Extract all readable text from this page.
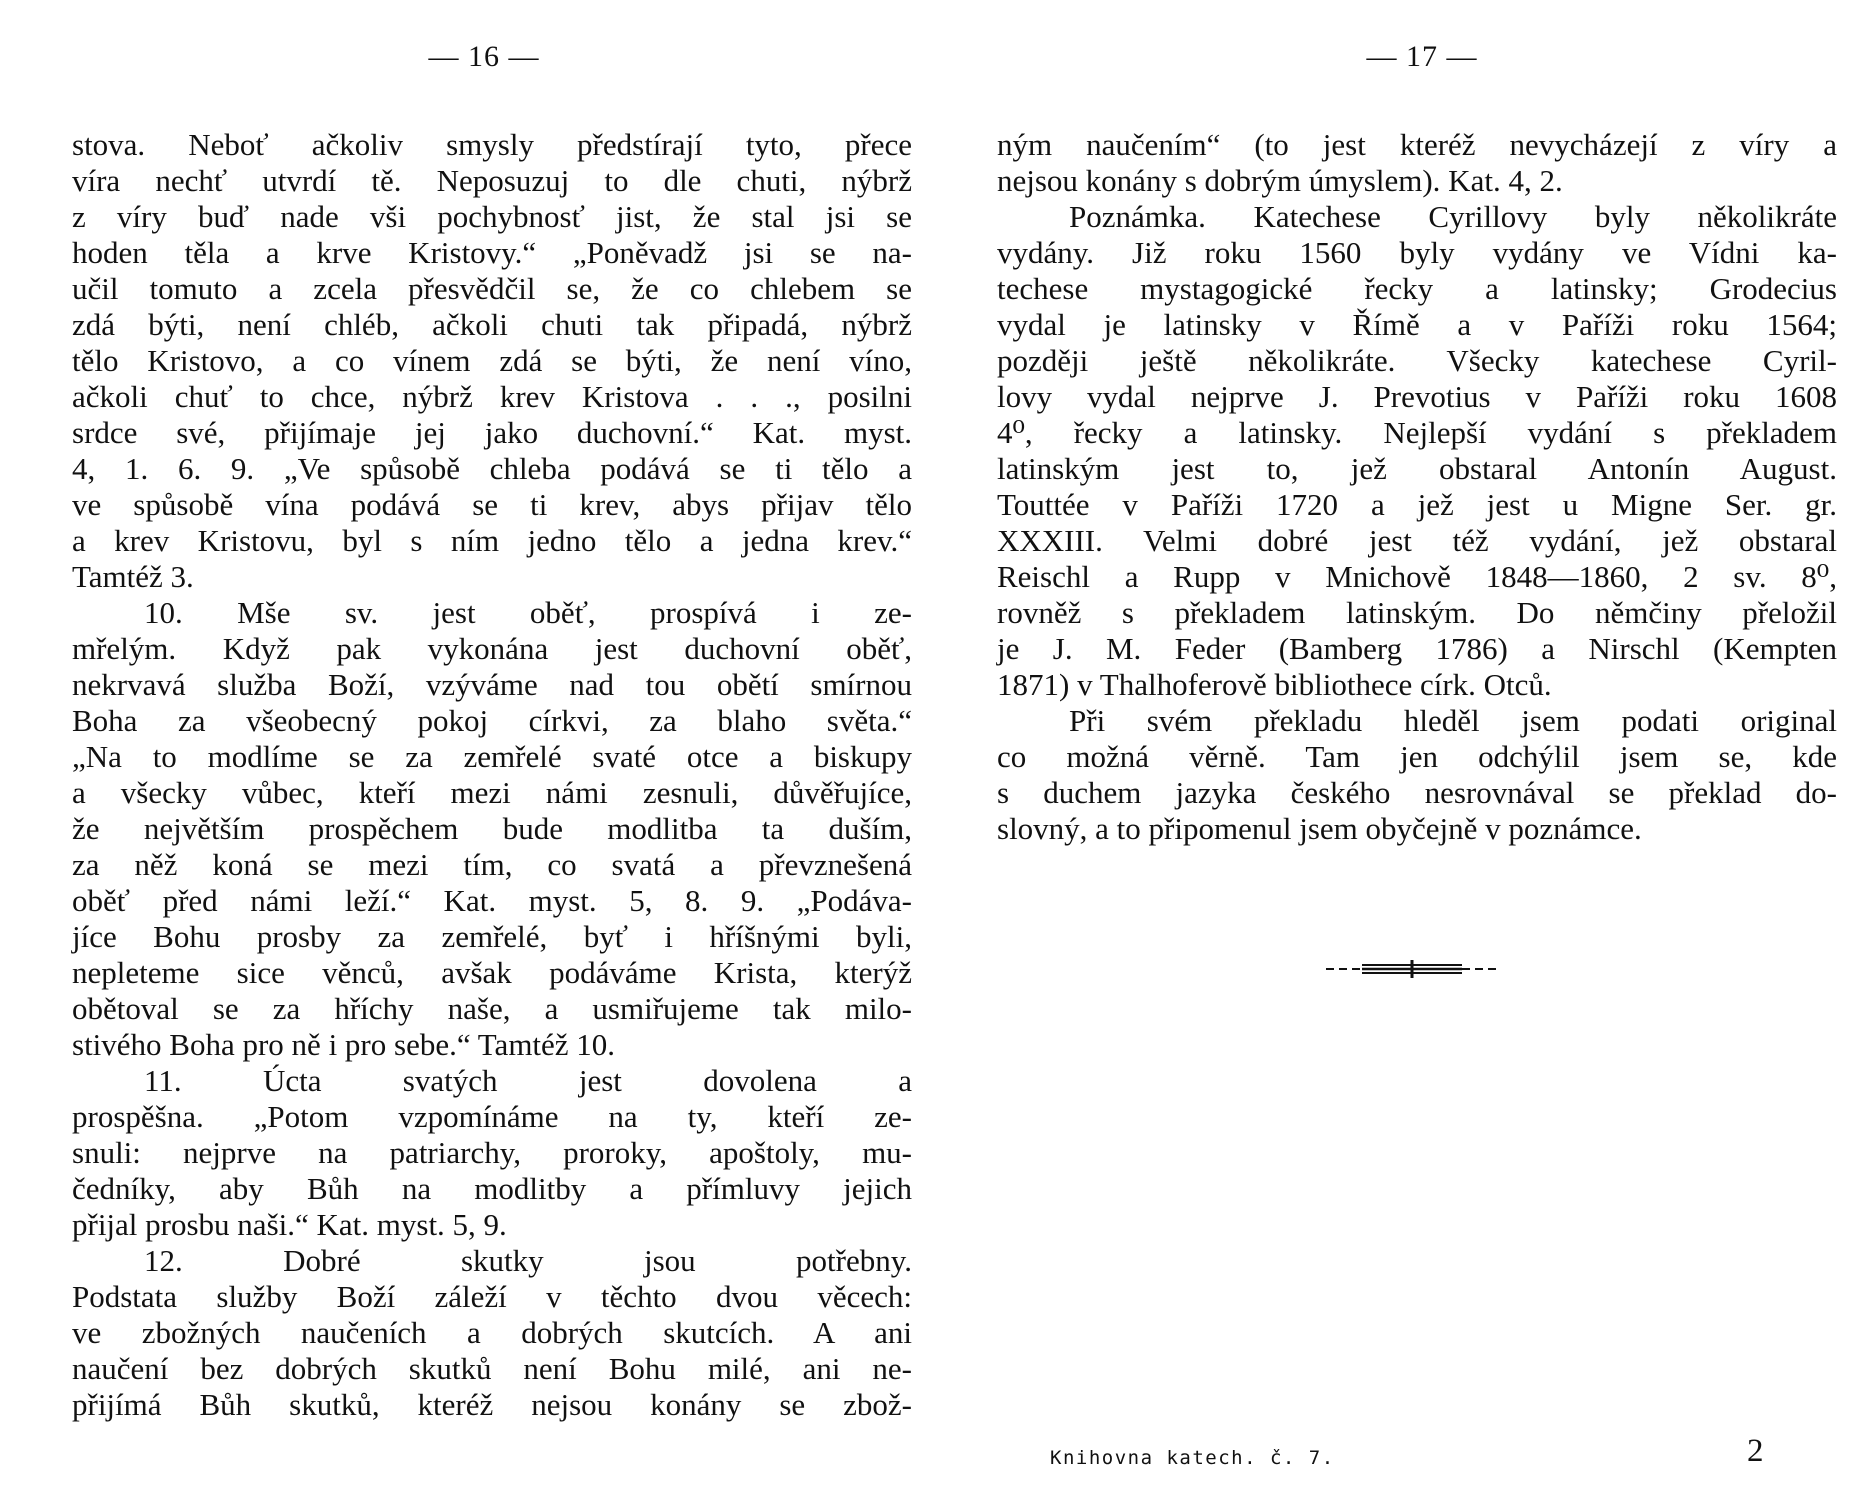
— 16 —
stova. Neboť ačkoliv smysly předstírají tyto, přece
víra nechť utvrdí tě. Neposuzuj to dle chuti, nýbrž
z víry buď nade vši pochybnosť jist, že stal jsi se
hoden těla a krve Kristovy.“ „Poněvadž jsi se na-
učil tomuto a zcela přesvědčil se, že co chlebem se
zdá býti, není chléb, ačkoli chuti tak připadá, nýbrž
tělo Kristovo, a co vínem zdá se býti, že není víno,
ačkoli chuť to chce, nýbrž krev Kristova . . ., posilni
srdce své, přijímaje jej jako duchovní.“ Kat. myst.
4, 1. 6. 9. „Ve spůsobě chleba podává se ti tělo a
ve spůsobě vína podává se ti krev, abys přijav tělo
a krev Kristovu, byl s ním jedno tělo a jedna krev.“
Tamtéž 3.
10. Mše sv. jest oběť, prospívá i ze-
mřelým. Když pak vykonána jest duchovní oběť,
nekrvavá služba Boží, vzýváme nad tou obětí smírnou
Boha za všeobecný pokoj církvi, za blaho světa.“
„Na to modlíme se za zemřelé svaté otce a biskupy
a všecky vůbec, kteří mezi námi zesnuli, důvěřujíce,
že největším prospěchem bude modlitba ta duším,
za něž koná se mezi tím, co svatá a převznešená
oběť před námi leží.“ Kat. myst. 5, 8. 9. „Podáva-
jíce Bohu prosby za zemřelé, byť i hříšnými byli,
nepleteme sice věnců, avšak podáváme Krista, kterýž
obětoval se za hříchy naše, a usmiřujeme tak milo-
stivého Boha pro ně i pro sebe.“ Tamtéž 10.
11. Úcta svatých jest dovolena a
prospěšna. „Potom vzpomínáme na ty, kteří ze-
snuli: nejprve na patriarchy, proroky, apoštoly, mu-
čedníky, aby Bůh na modlitby a přímluvy jejich
přijal prosbu naši.“ Kat. myst. 5, 9.
12. Dobré skutky jsou potřebny.
Podstata služby Boží záleží v těchto dvou věcech:
ve zbožných naučeních a dobrých skutcích. A ani
naučení bez dobrých skutků není Bohu milé, ani ne-
přijímá Bůh skutků, kteréž nejsou konány se zbož-
— 17 —
ným naučením“ (to jest kteréž nevycházejí z víry a
nejsou konány s dobrým úmyslem). Kat. 4, 2.
Poznámka. Katechese Cyrillovy byly několikráte
vydány. Již roku 1560 byly vydány ve Vídni ka-
techese mystagogické řecky a latinsky; Grodecius
vydal je latinsky v Římě a v Paříži roku 1564;
později ještě několikráte. Všecky katechese Cyril-
lovy vydal nejprve J. Prevotius v Paříži roku 1608
4⁰, řecky a latinsky. Nejlepší vydání s překladem
latinským jest to, jež obstaral Antonín August.
Touttée v Paříži 1720 a jež jest u Migne Ser. gr.
XXXIII. Velmi dobré jest též vydání, jež obstaral
Reischl a Rupp v Mnichově 1848—1860, 2 sv. 8⁰,
rovněž s překladem latinským. Do němčiny přeložil
je J. M. Feder (Bamberg 1786) a Nirschl (Kempten
1871) v Thalhoferově bibliothece círk. Otců.
Při svém překladu hleděl jsem podati original
co možná věrně. Tam jen odchýlil jsem se, kde
s duchem jazyka českého nesrovnával se překlad do-
slovný, a to připomenul jsem obyčejně v poznámce.
Knihovna katech. č. 7.	2
